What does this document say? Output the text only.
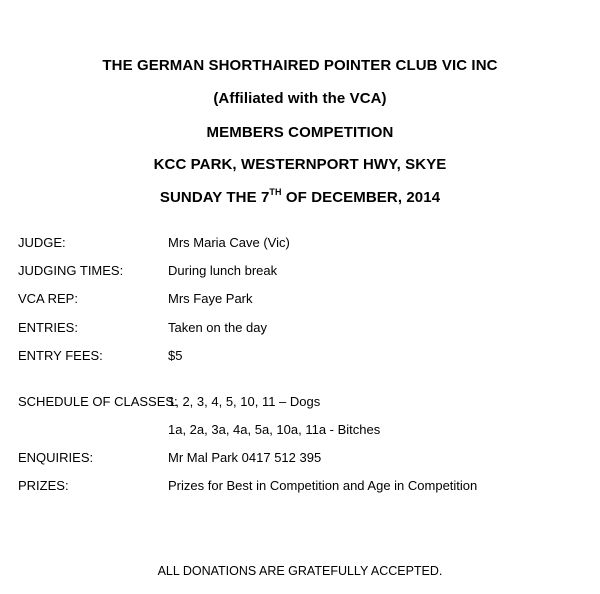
THE GERMAN SHORTHAIRED POINTER CLUB VIC INC
(Affiliated with the VCA)
MEMBERS COMPETITION
KCC PARK, WESTERNPORT HWY, SKYE
SUNDAY THE 7TH OF DECEMBER, 2014
JUDGE:	Mrs Maria Cave (Vic)
JUDGING TIMES:	During lunch break
VCA REP:	Mrs Faye Park
ENTRIES:	Taken on the day
ENTRY FEES:	$5
SCHEDULE OF CLASSES:
1, 2, 3, 4, 5, 10, 11 – Dogs
1a, 2a, 3a, 4a, 5a, 10a, 11a - Bitches
ENQUIRIES:	Mr Mal Park 0417 512 395
PRIZES:	Prizes for Best in Competition and Age in Competition
ALL DONATIONS ARE GRATEFULLY ACCEPTED.
